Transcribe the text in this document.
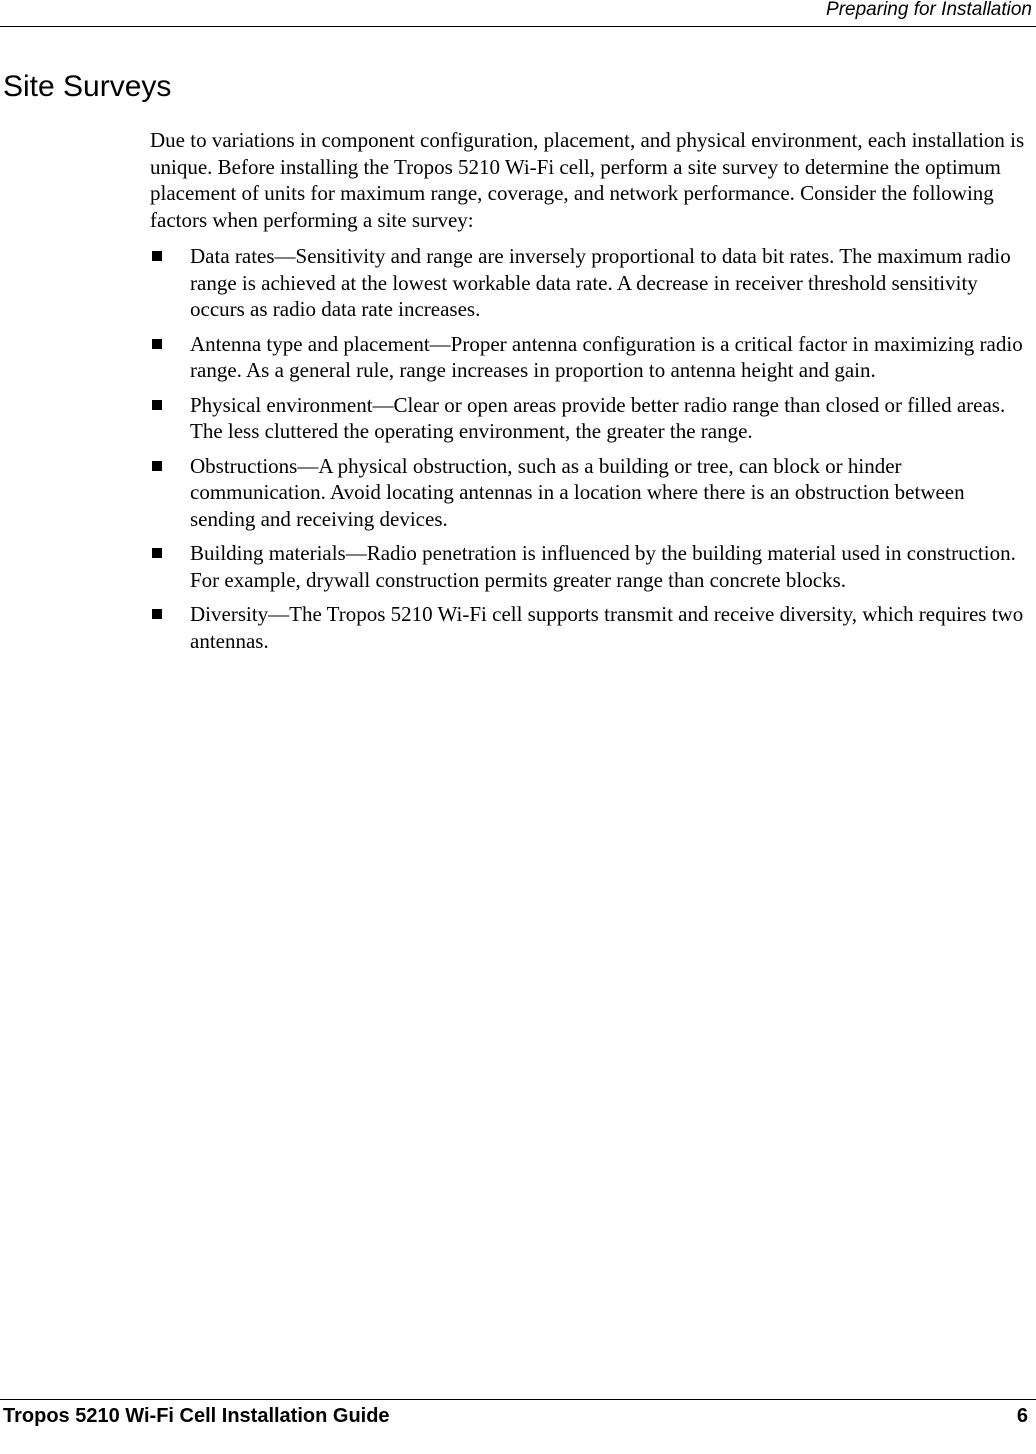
Preparing for Installation
Site Surveys

Due to variations in component configuration, placement, and physical environment, each installation is unique. Before installing the Tropos 5210 Wi-Fi cell, perform a site survey to determine the optimum placement of units for maximum range, coverage, and network performance. Consider the following factors when performing a site survey:

Data rates—Sensitivity and range are inversely proportional to data bit rates. The maximum radio range is achieved at the lowest workable data rate. A decrease in receiver threshold sensitivity occurs as radio data rate increases.
Antenna type and placement—Proper antenna configuration is a critical factor in maximizing radio range. As a general rule, range increases in proportion to antenna height and gain.
Physical environment—Clear or open areas provide better radio range than closed or filled areas. The less cluttered the operating environment, the greater the range.
Obstructions—A physical obstruction, such as a building or tree, can block or hinder communication. Avoid locating antennas in a location where there is an obstruction between sending and receiving devices.
Building materials—Radio penetration is influenced by the building material used in construction. For example, drywall construction permits greater range than concrete blocks.
Diversity—The Tropos 5210 Wi-Fi cell supports transmit and receive diversity, which requires two antennas.
Tropos 5210 Wi-Fi Cell Installation Guide	6
